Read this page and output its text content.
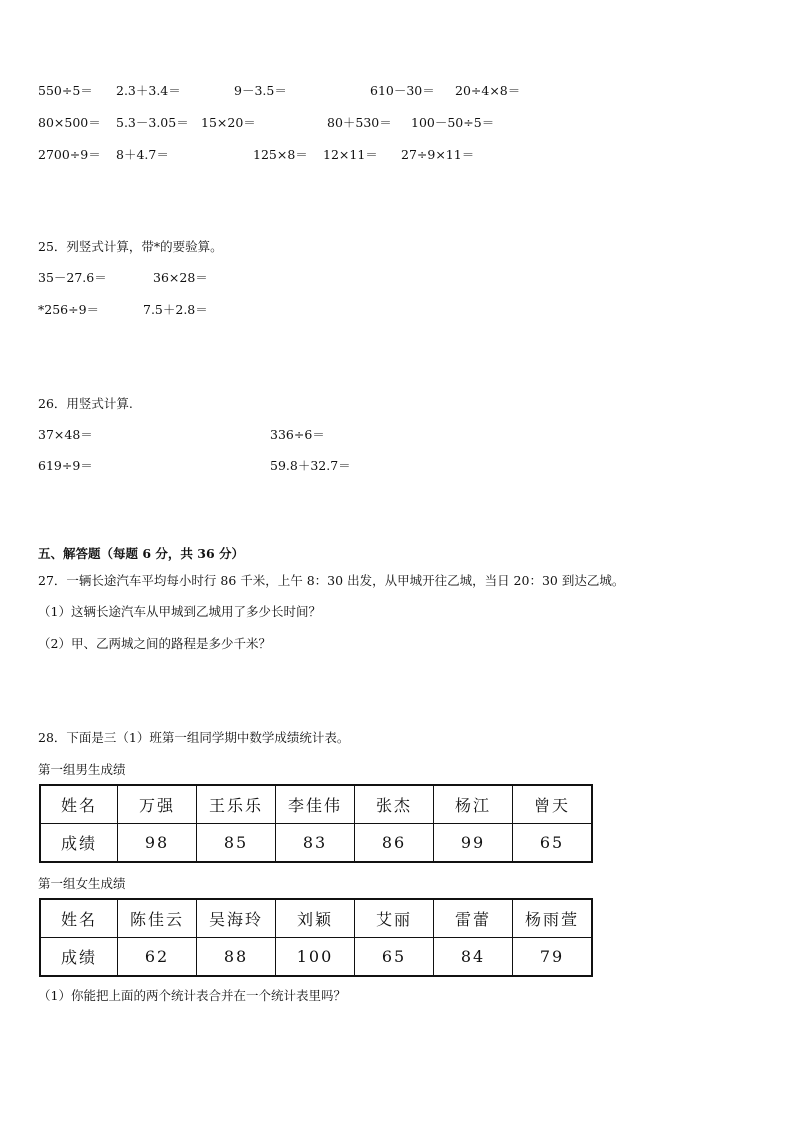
550÷5＝ 2.3＋3.4＝	9－3.5＝	610－30＝ 20÷4×8＝
80×500＝ 5.3－3.05＝ 15×20＝	80＋530＝ 100－50÷5＝
2700÷9＝ 8＋4.7＝	125×8＝ 12×11＝ 27÷9×11＝
25．列竖式计算，带*的要验算。
35－27.6＝	36×28＝
*256÷9＝	7.5＋2.8＝
26．用竖式计算.
37×48＝	336÷6＝
619÷9＝	59.8＋32.7＝
五、解答题（每题 6 分，共 36 分）
27．一辆长途汽车平均每小时行 86 千米，上午 8：30 出发，从甲城开往乙城，当日 20：30 到达乙城。
（1）这辆长途汽车从甲城到乙城用了多少长时间？
（2）甲、乙两城之间的路程是多少千米？
28．下面是三（1）班第一组同学期中数学成绩统计表。
第一组男生成绩
姓名	万强	王乐乐	李佳伟	张杰	杨江	曾天
成绩	98	85	83	86	99	65
第一组女生成绩
姓名	陈佳云	吴海玲	刘颖	艾丽	雷蕾	杨雨萱
成绩	62	88	100	65	84	79
（1）你能把上面的两个统计表合并在一个统计表里吗？
